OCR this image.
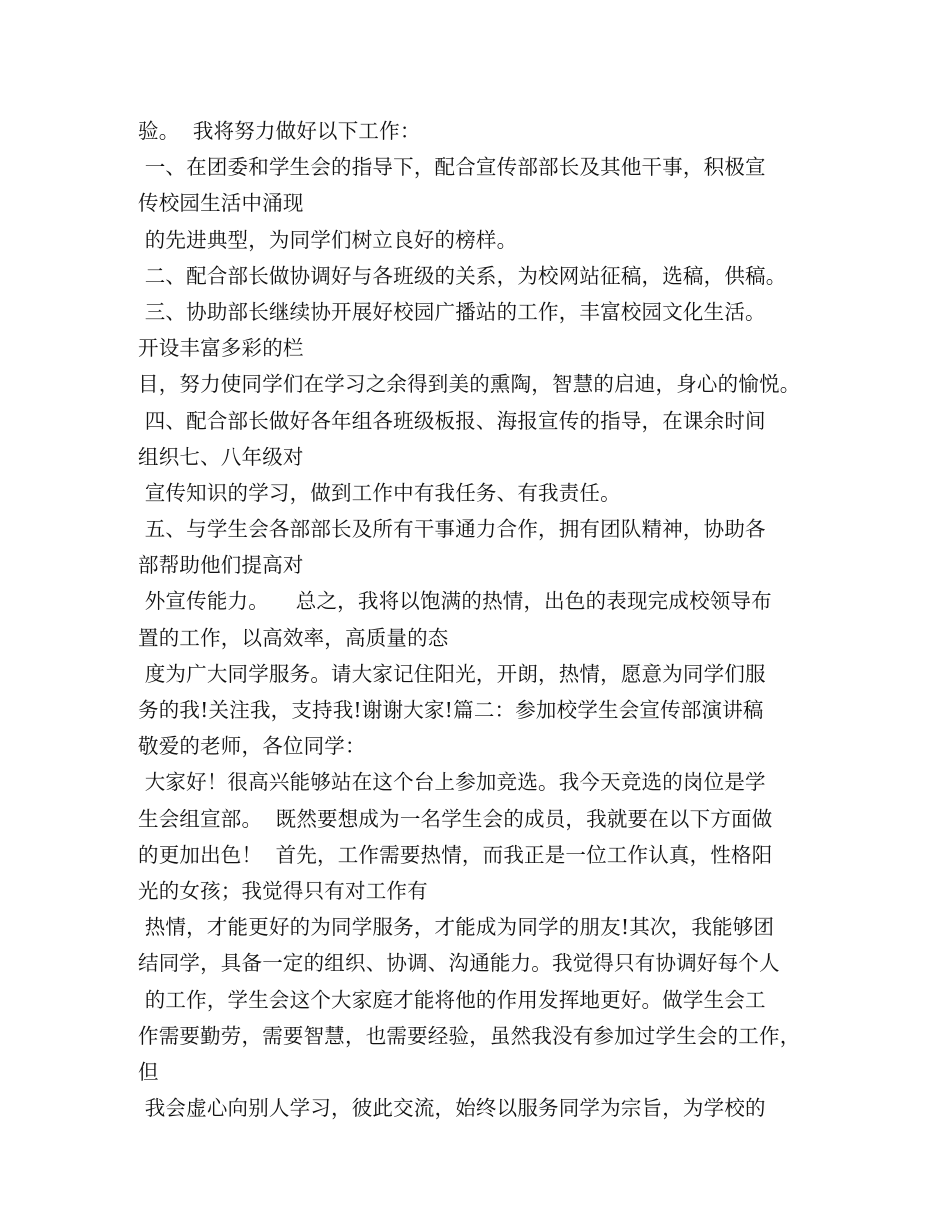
验。  我将努力做好以下工作：
一、在团委和学生会的指导下，配合宣传部部长及其他干事，积极宣
传校园生活中涌现
的先进典型，为同学们树立良好的榜样。
二、配合部长做协调好与各班级的关系，为校网站征稿，选稿，供稿。
三、协助部长继续协开展好校园广播站的工作，丰富校园文化生活。
开设丰富多彩的栏
目，努力使同学们在学习之余得到美的熏陶，智慧的启迪，身心的愉悦。
四、配合部长做好各年组各班级板报、海报宣传的指导，在课余时间
组织七、八年级对
宣传知识的学习，做到工作中有我任务、有我责任。
五、与学生会各部部长及所有干事通力合作，拥有团队精神，协助各
部帮助他们提高对
外宣传能力。    总之，我将以饱满的热情，出色的表现完成校领导布
置的工作，以高效率，高质量的态
度为广大同学服务。请大家记住阳光，开朗，热情，愿意为同学们服
务的我!关注我，支持我!谢谢大家!篇二：参加校学生会宣传部演讲稿
敬爱的老师，各位同学：
大家好！很高兴能够站在这个台上参加竞选。我今天竞选的岗位是学
生会组宣部。  既然要想成为一名学生会的成员，我就要在以下方面做
的更加出色！  首先，工作需要热情，而我正是一位工作认真，性格阳
光的女孩；我觉得只有对工作有
热情，才能更好的为同学服务，才能成为同学的朋友!其次，我能够团
结同学，具备一定的组织、协调、沟通能力。我觉得只有协调好每个人
的工作，学生会这个大家庭才能将他的作用发挥地更好。做学生会工
作需要勤劳，需要智慧，也需要经验，虽然我没有参加过学生会的工作，
但
我会虚心向别人学习，彼此交流，始终以服务同学为宗旨，为学校的
